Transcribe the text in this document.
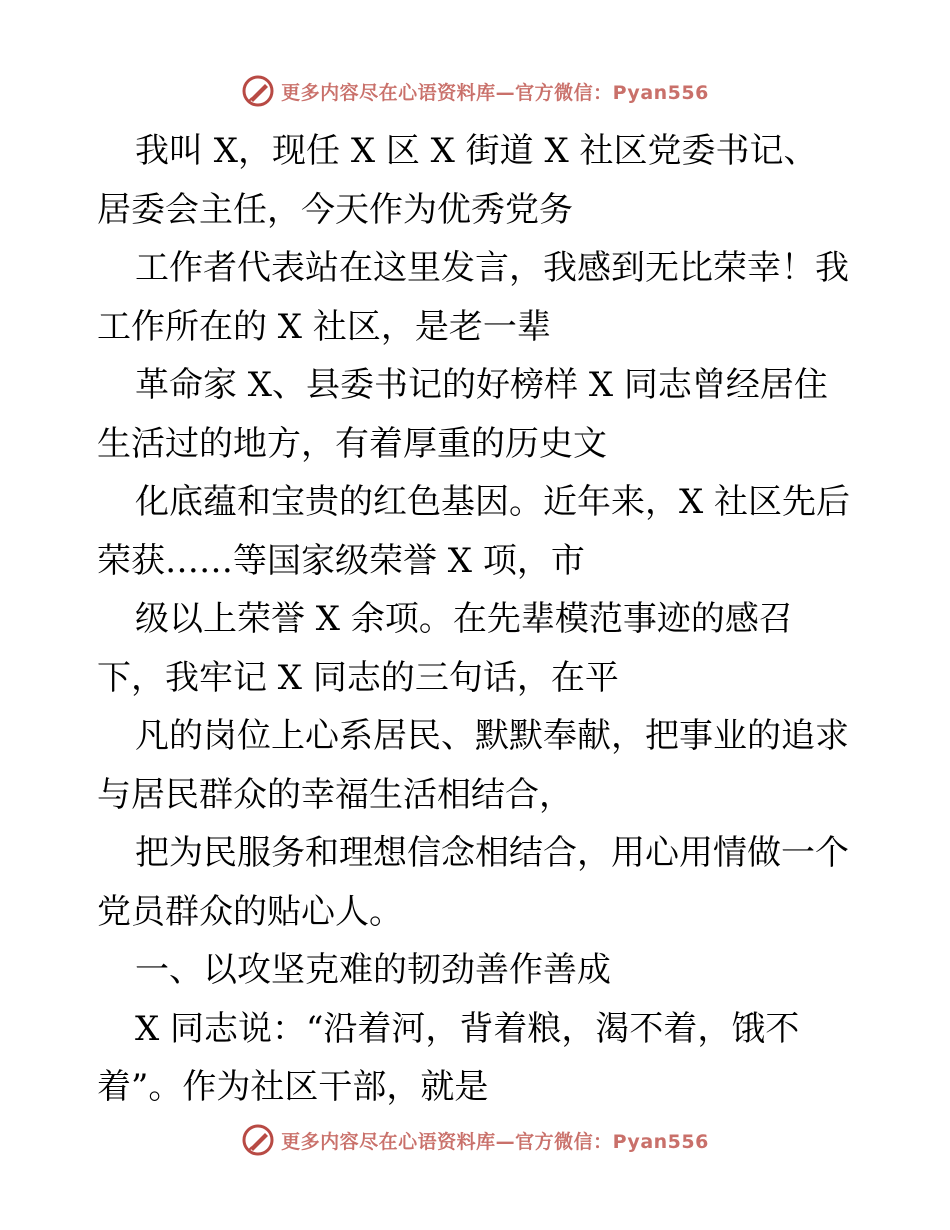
更多内容尽在心语资料库—官方微信：Pyan556

我叫 X，现任 X 区 X 街道 X 社区党委书记、
居委会主任，今天作为优秀党务

工作者代表站在这里发言，我感到无比荣幸！我
工作所在的 X 社区，是老一辈

革命家 X、县委书记的好榜样 X 同志曾经居住
生活过的地方，有着厚重的历史文

化底蕴和宝贵的红色基因。近年来，X 社区先后
荣获……等国家级荣誉 X 项，市

级以上荣誉 X 余项。在先辈模范事迹的感召
下，我牢记 X 同志的三句话，在平

凡的岗位上心系居民、默默奉献，把事业的追求
与居民群众的幸福生活相结合，

把为民服务和理想信念相结合，用心用情做一个
党员群众的贴心人。

一、以攻坚克难的韧劲善作善成

X 同志说：“沿着河，背着粮，渴不着，饿不
着”。作为社区干部，就是

更多内容尽在心语资料库—官方微信：Pyan556
